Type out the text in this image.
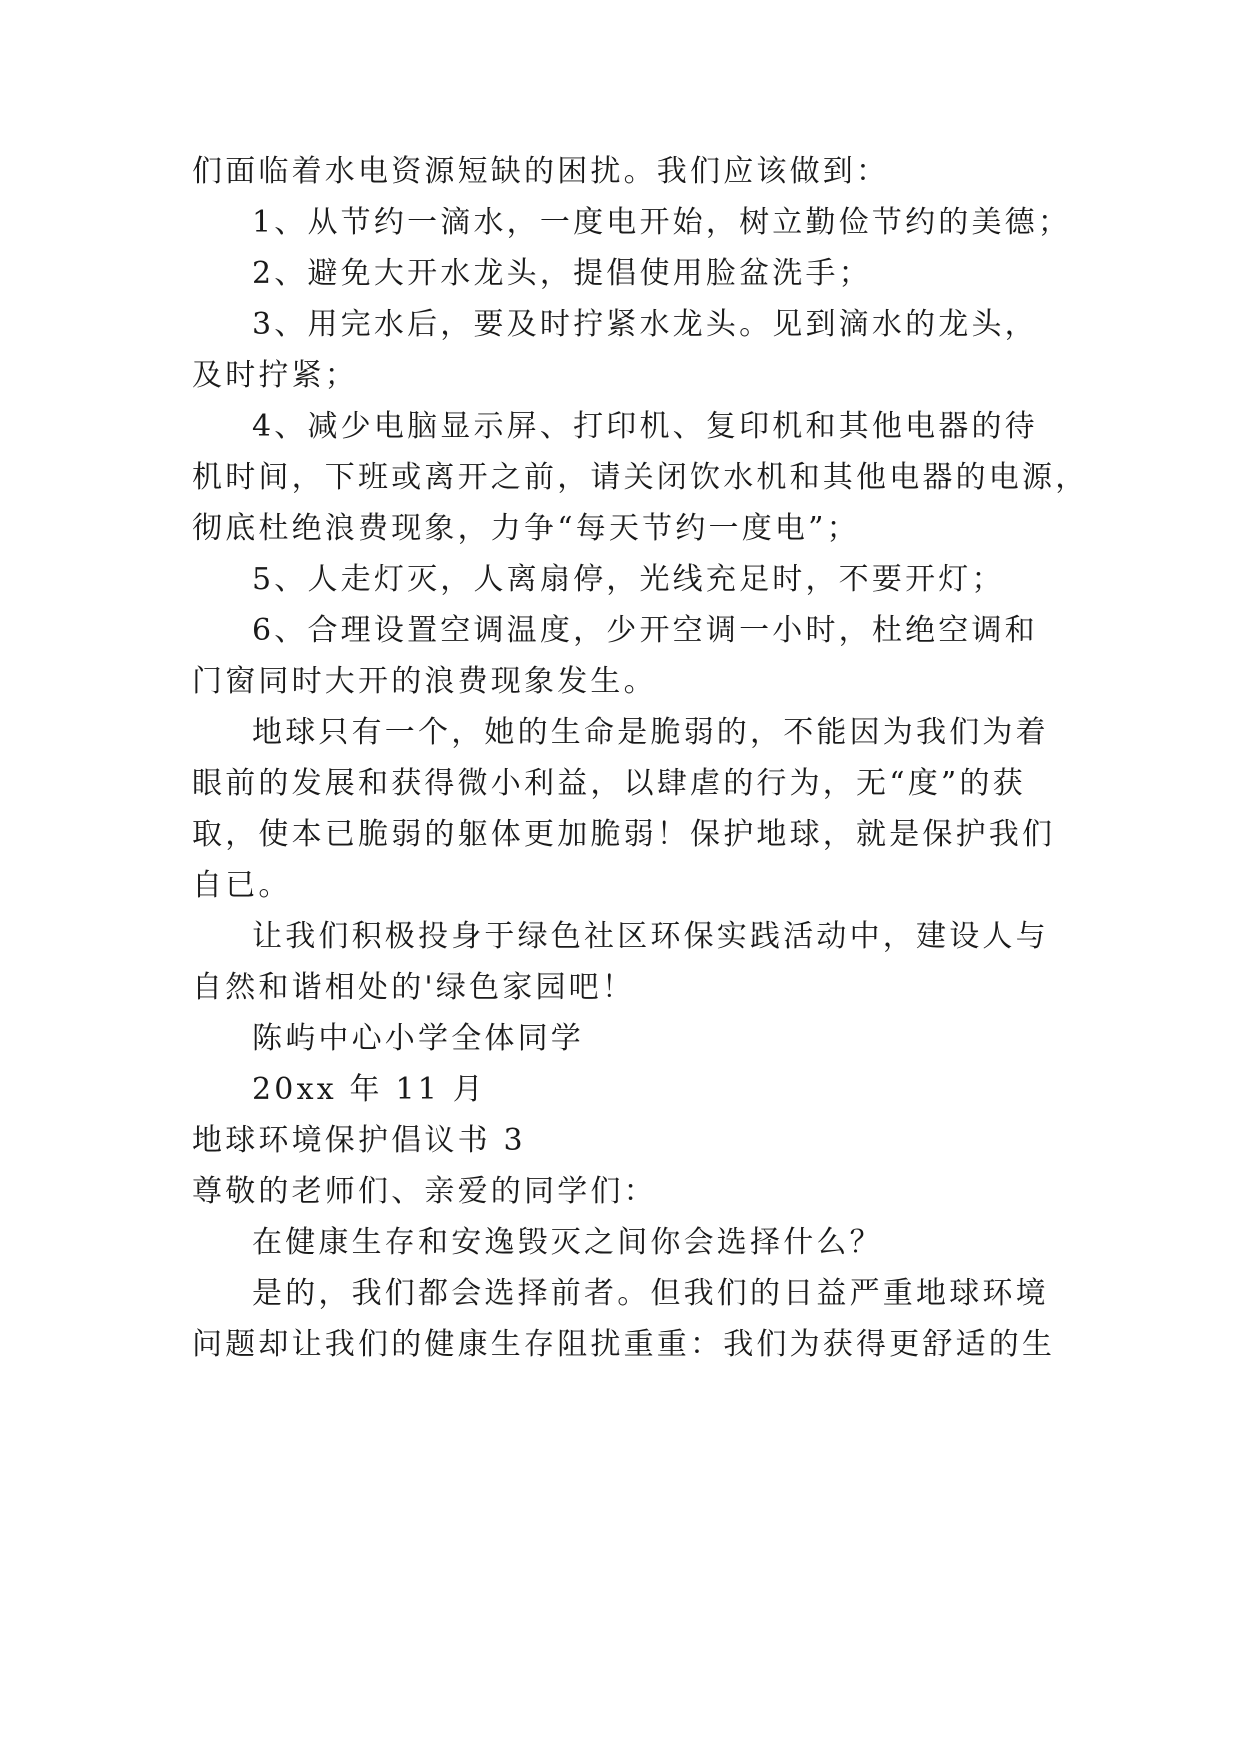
们面临着水电资源短缺的困扰。我们应该做到：
1、从节约一滴水，一度电开始，树立勤俭节约的美德；
2、避免大开水龙头，提倡使用脸盆洗手；
3、用完水后，要及时拧紧水龙头。见到滴水的龙头，
及时拧紧；
4、减少电脑显示屏、打印机、复印机和其他电器的待
机时间，下班或离开之前，请关闭饮水机和其他电器的电源，
彻底杜绝浪费现象，力争“每天节约一度电”；
5、人走灯灭，人离扇停，光线充足时，不要开灯；
6、合理设置空调温度，少开空调一小时，杜绝空调和
门窗同时大开的浪费现象发生。
地球只有一个，她的生命是脆弱的，不能因为我们为着
眼前的发展和获得微小利益，以肆虐的行为，无“度”的获
取，使本已脆弱的躯体更加脆弱！保护地球，就是保护我们
自已。
让我们积极投身于绿色社区环保实践活动中，建设人与
自然和谐相处的'绿色家园吧！
陈屿中心小学全体同学
20xx 年 11 月
地球环境保护倡议书 3
尊敬的老师们、亲爱的同学们：
在健康生存和安逸毁灭之间你会选择什么？
是的，我们都会选择前者。但我们的日益严重地球环境
问题却让我们的健康生存阻扰重重：我们为获得更舒适的生
